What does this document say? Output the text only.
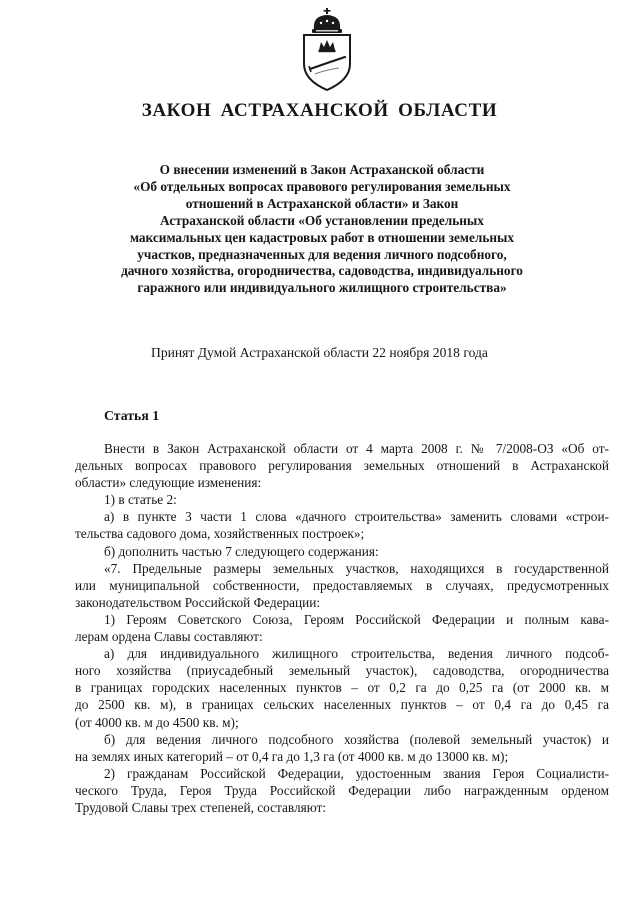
ЗАКОН АСТРАХАНСКОЙ ОБЛАСТИ
О внесении изменений в Закон Астраханской области
«Об отдельных вопросах правового регулирования земельных
отношений в Астраханской области» и Закон
Астраханской области «Об установлении предельных
максимальных цен кадастровых работ в отношении земельных
участков, предназначенных для ведения личного подсобного,
дачного хозяйства, огородничества, садоводства, индивидуального
гаражного или индивидуального жилищного строительства»
Принят Думой Астраханской области 22 ноября 2018 года
Статья 1
Внести в Закон Астраханской области от 4 марта 2008 г. № 7/2008-ОЗ «Об от-
дельных вопросах правового регулирования земельных отношений в Астраханской
области» следующие изменения:
1) в статье 2:
а) в пункте 3 части 1 слова «дачного строительства» заменить словами «строи-
тельства садового дома, хозяйственных построек»;
б) дополнить частью 7 следующего содержания:
«7. Предельные размеры земельных участков, находящихся в государственной
или муниципальной собственности, предоставляемых в случаях, предусмотренных
законодательством Российской Федерации:
1) Героям Советского Союза, Героям Российской Федерации и полным кава-
лерам ордена Славы составляют:
а) для индивидуального жилищного строительства, ведения личного подсоб-
ного хозяйства (приусадебный земельный участок), садоводства, огородничества
в границах городских населенных пунктов – от 0,2 га до 0,25 га (от 2000 кв. м
до 2500 кв. м), в границах сельских населенных пунктов – от 0,4 га до 0,45 га
(от 4000 кв. м до 4500 кв. м);
б) для ведения личного подсобного хозяйства (полевой земельный участок) и
на землях иных категорий – от 0,4 га до 1,3 га (от 4000 кв. м до 13000 кв. м);
2) гражданам Российской Федерации, удостоенным звания Героя Социалисти-
ческого Труда, Героя Труда Российской Федерации либо награжденным орденом
Трудовой Славы трех степеней, составляют:
